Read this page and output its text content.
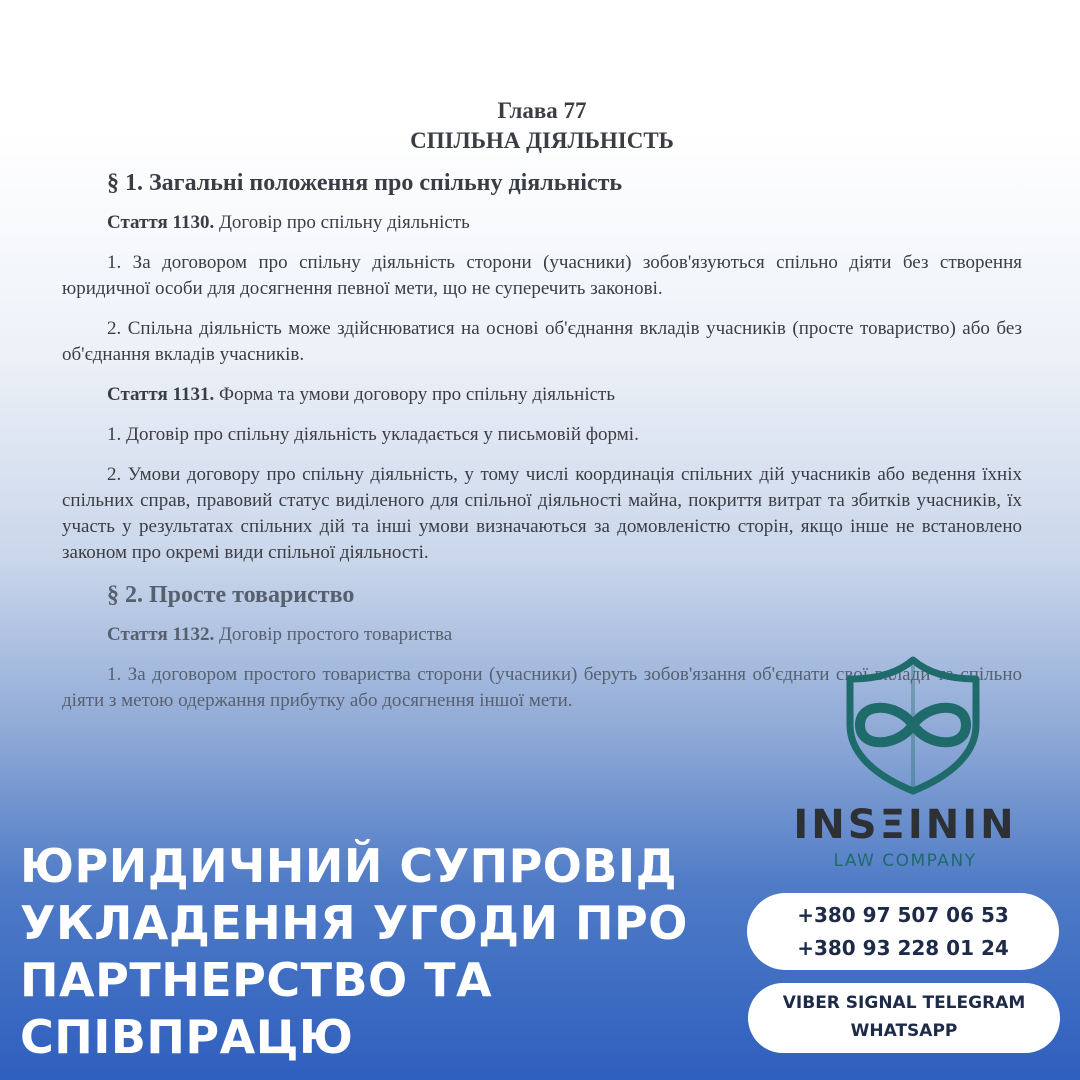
Глава 77
СПІЛЬНА ДІЯЛЬНІСТЬ
§ 1. Загальні положення про спільну діяльність
Стаття 1130. Договір про спільну діяльність

1. За договором про спільну діяльність сторони (учасники) зобов'язуються спільно діяти без створення юридичної особи для досягнення певної мети, що не суперечить законові.

2. Спільна діяльність може здійснюватися на основі об'єднання вкладів учасників (просте товариство) або без об'єднання вкладів учасників.

Стаття 1131. Форма та умови договору про спільну діяльність

1. Договір про спільну діяльність укладається у письмовій формі.

2. Умови договору про спільну діяльність, у тому числі координація спільних дій учасників або ведення їхніх спільних справ, правовий статус виділеного для спільної діяльності майна, покриття витрат та збитків учасників, їх участь у результатах спільних дій та інші умови визначаються за домовленістю сторін, якщо інше не встановлено законом про окремі види спільної діяльності.

§ 2. Просте товариство
Стаття 1132. Договір простого товариства

1. За договором простого товариства сторони (учасники) беруть зобов'язання об'єднати свої вклади та спільно діяти з метою одержання прибутку або досягнення іншої мети.

ЮРИДИЧНИЙ СУПРОВІД
УКЛАДЕННЯ УГОДИ ПРО
ПАРТНЕРСТВО ТА
СПІВПРАЦЮ
INSΞININ
LAW COMPANY
+380 97 507 06 53
+380 93 228 01 24
VIBER SIGNAL TELEGRAM
WHATSAPP
